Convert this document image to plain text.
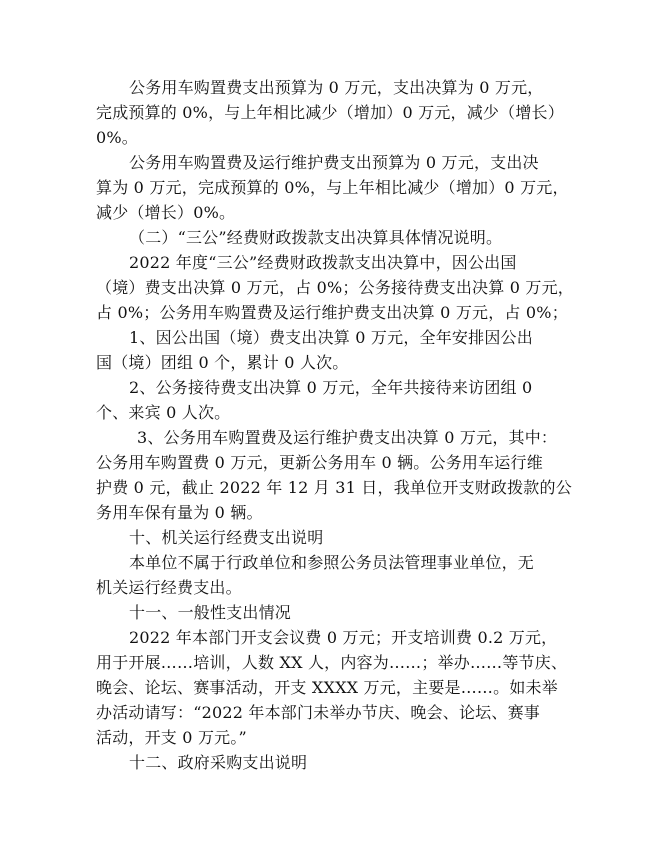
公务用车购置费支出预算为 0 万元，支出决算为 0 万元，
完成预算的 0%，与上年相比减少（增加）0 万元，减少（增长）
0%。
公务用车购置费及运行维护费支出预算为 0 万元，支出决
算为 0 万元，完成预算的 0%，与上年相比减少（增加）0 万元，
减少（增长）0%。
（二）“三公”经费财政拨款支出决算具体情况说明。
2022 年度“三公”经费财政拨款支出决算中，因公出国
（境）费支出决算 0 万元，占 0%；公务接待费支出决算 0 万元，
占 0%；公务用车购置费及运行维护费支出决算 0 万元，占 0%；
1、因公出国（境）费支出决算 0 万元，全年安排因公出
国（境）团组 0 个，累计 0 人次。
2、公务接待费支出决算 0 万元，全年共接待来访团组 0
个、来宾 0 人次。
3、公务用车购置费及运行维护费支出决算 0 万元，其中：
公务用车购置费 0 万元，更新公务用车 0 辆。公务用车运行维
护费 0 元，截止 2022 年 12 月 31 日，我单位开支财政拨款的公
务用车保有量为 0 辆。
十、机关运行经费支出说明
本单位不属于行政单位和参照公务员法管理事业单位，无
机关运行经费支出。
十一、一般性支出情况
2022 年本部门开支会议费 0 万元；开支培训费 0.2 万元，
用于开展……培训，人数 XX 人，内容为……；举办……等节庆、
晚会、论坛、赛事活动，开支 XXXX 万元，主要是……。如未举
办活动请写：“2022 年本部门未举办节庆、晚会、论坛、赛事
活动，开支 0 万元。”
十二、政府采购支出说明
